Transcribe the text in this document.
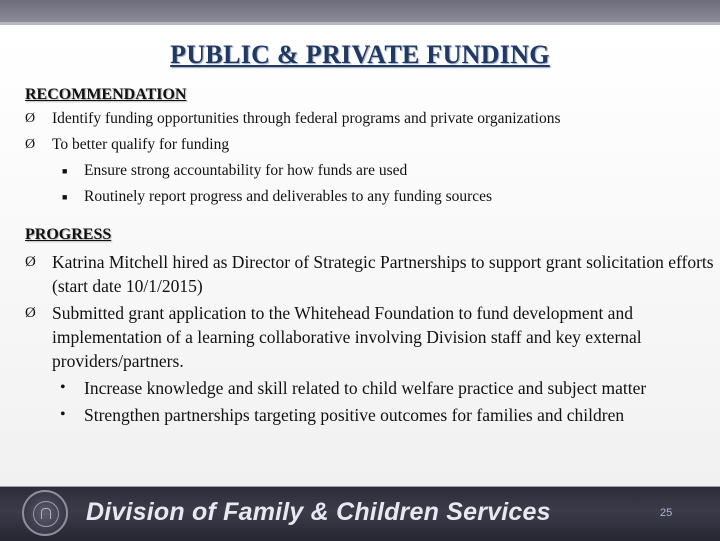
PUBLIC & PRIVATE FUNDING

RECOMMENDATION

Ø Identify funding opportunities through federal programs and private organizations
Ø To better qualify for funding
■ Ensure strong accountability for how funds are used
■ Routinely report progress and deliverables to any funding sources

PROGRESS

Ø Katrina Mitchell hired as Director of Strategic Partnerships to support grant solicitation efforts (start date 10/1/2015)
Ø Submitted grant application to the Whitehead Foundation to fund development and implementation of a learning collaborative involving Division staff and key external providers/partners.
• Increase knowledge and skill related to child welfare practice and subject matter
• Strengthen partnerships targeting positive outcomes for families and children
Division of Family & Children Services	25
